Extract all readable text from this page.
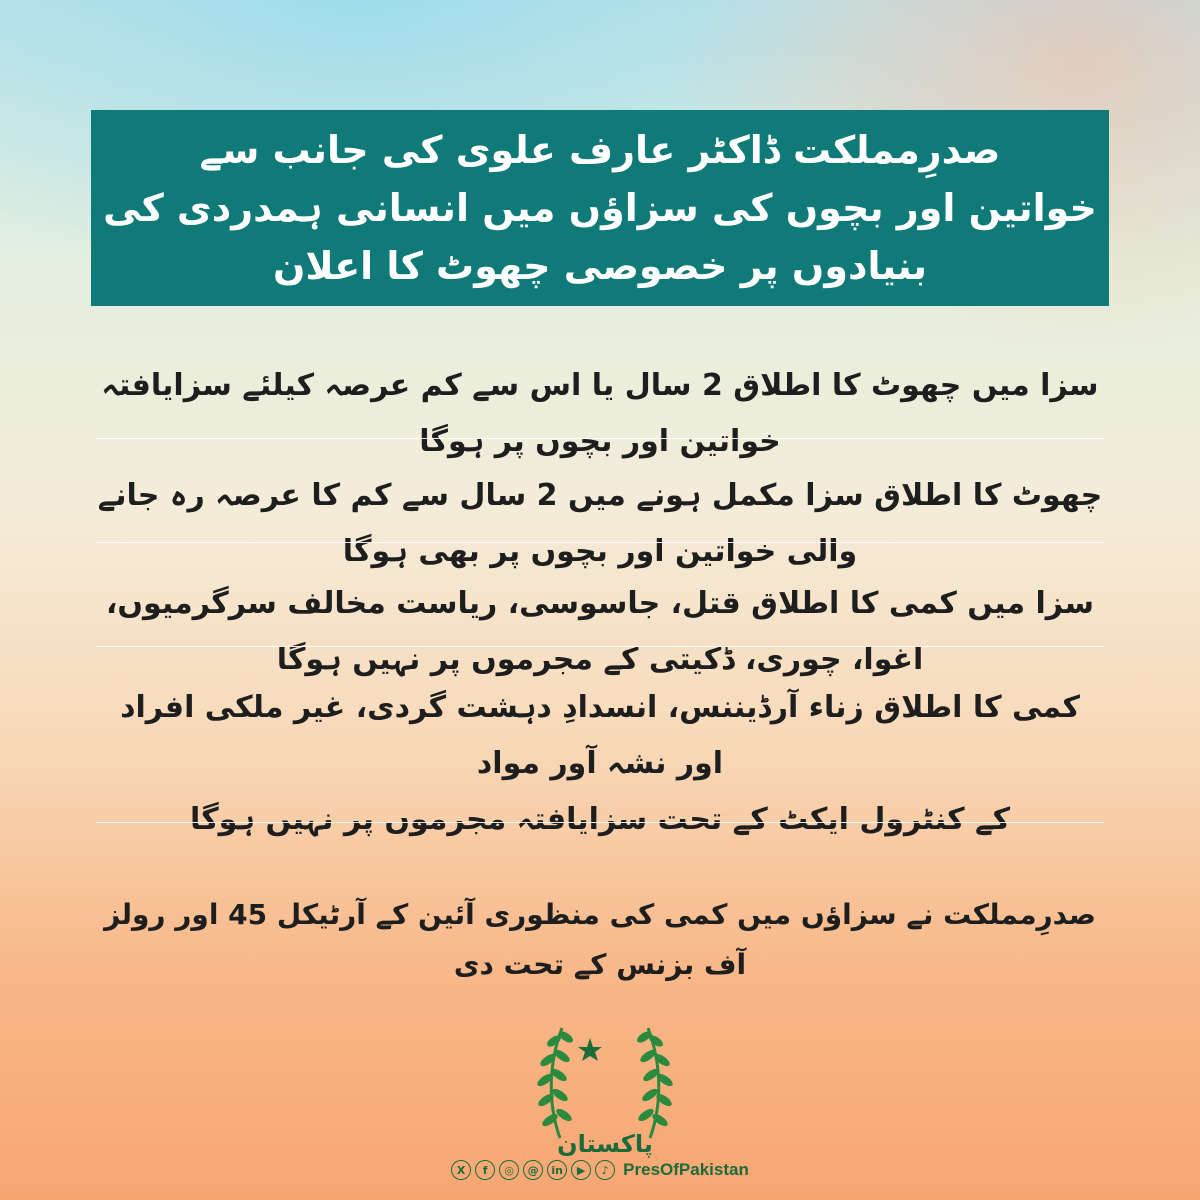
صدرِمملکت ڈاکٹر عارف علوی کی جانب سے
خواتین اور بچوں کی سزاؤں میں انسانی ہمدردی کی بنیادوں پر خصوصی چھوٹ کا اعلان
سزا میں چھوٹ کا اطلاق 2 سال یا اس سے کم عرصہ کیلئے سزایافتہ خواتین اور بچوں پر ہوگا
چھوٹ کا اطلاق سزا مکمل ہونے میں 2 سال سے کم کا عرصہ رہ جانے والی خواتین اور بچوں پر بھی ہوگا
سزا میں کمی کا اطلاق قتل، جاسوسی، ریاست مخالف سرگرمیوں، اغوا، چوری، ڈکیتی کے مجرموں پر نہیں ہوگا
کمی کا اطلاق زناء آرڈیننس، انسدادِ دہشت گردی، غیر ملکی افراد اور نشہ آور مواد
کے کنٹرول ایکٹ کے تحت سزایافتہ مجرموں پر نہیں ہوگا
صدرِمملکت نے سزاؤں میں کمی کی منظوری آئین کے آرٹیکل 45 اور رولز آف بزنس کے تحت دی
پاکستان
X	f	◎	@	in	▶	♪ PresOfPakistan
